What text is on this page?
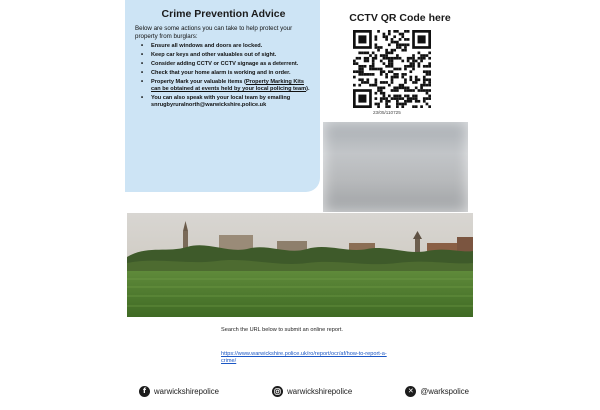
Crime Prevention Advice

Below are some actions you can take to help protect your property from burglars:

• Ensure all windows and doors are locked.
• Keep car keys and other valuables out of sight.
• Consider adding CCTV or CCTV signage as a deterrent.
• Check that your home alarm is working and in order.
• Property Mark your valuable items (Property Marking Kits can be obtained at events held by your local policing team).
• You can also speak with your local team by emailing snrugbyruralnorth@warwickshire.police.uk
CCTV QR Code here
23/05/110725
Search the URL below to submit an online report.
https://www.warwickshire.police.uk/ro/report/ocr/af/how-to-report-a-crime/
f	warwickshirepolice	warwickshirepolice	✕ @warkspolice
